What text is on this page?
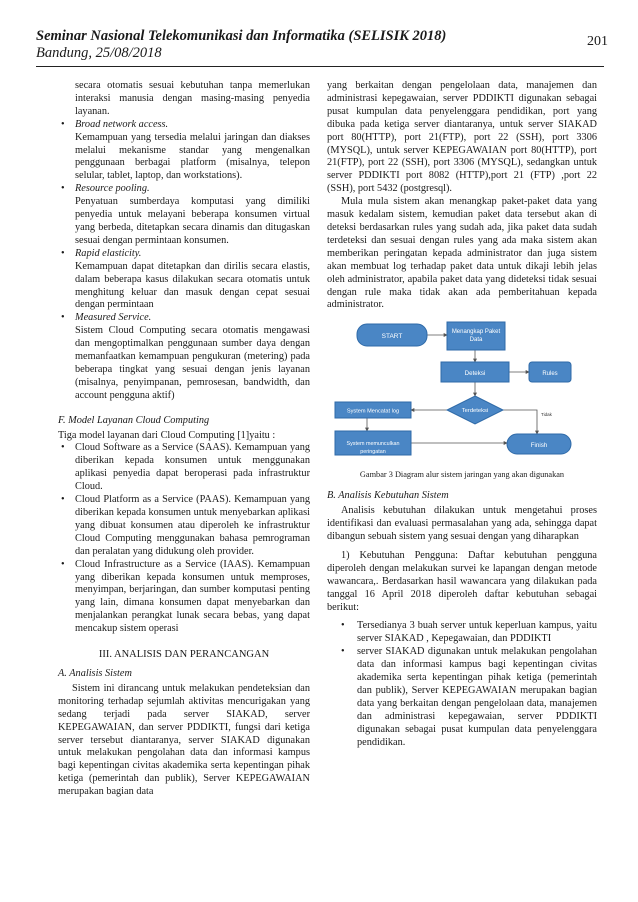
Seminar Nasional Telekomunikasi dan Informatika (SELISIK 2018)
Bandung, 25/08/2018
201

secara otomatis sesuai kebutuhan tanpa memerlukan interaksi manusia dengan masing-masing penyedia layanan.

• Broad network access.
Kemampuan yang tersedia melalui jaringan dan diakses melalui mekanisme standar yang mengenalkan penggunaan berbagai platform (misalnya, telepon selular, tablet, laptop, dan workstations).
• Resource pooling.
Penyatuan sumberdaya komputasi yang dimiliki penyedia untuk melayani beberapa konsumen virtual yang berbeda, ditetapkan secara dinamis dan ditugaskan sesuai dengan permintaan konsumen.
• Rapid elasticity.
Kemampuan dapat ditetapkan dan dirilis secara elastis, dalam beberapa kasus dilakukan secara otomatis untuk menghitung keluar dan masuk dengan cepat sesuai dengan permintaan
• Measured Service.
Sistem Cloud Computing secara otomatis mengawasi dan mengoptimalkan penggunaan sumber daya dengan memanfaatkan kemampuan pengukuran (metering) pada beberapa tingkat yang sesuai dengan jenis layanan (misalnya, penyimpanan, pemrosesan, bandwidth, dan account pengguna aktif)

F. Model Layanan Cloud Computing

Tiga model layanan dari Cloud Computing [1]yaitu :

• Cloud Software as a Service (SAAS). Kemampuan yang diberikan kepada konsumen untuk menggunakan aplikasi penyedia dapat beroperasi pada infrastruktur Cloud.
• Cloud Platform as a Service (PAAS). Kemampuan yang diberikan kepada konsumen untuk menyebarkan aplikasi yang dibuat konsumen atau diperoleh ke infrastruktur Cloud Computing menggunakan bahasa pemrograman dan peralatan yang didukung oleh provider.
• Cloud Infrastructure as a Service (IAAS). Kemampuan yang diberikan kepada konsumen untuk memproses, menyimpan, berjaringan, dan sumber komputasi penting yang lain, dimana konsumen dapat menyebarkan dan menjalankan perangkat lunak secara bebas, yang dapat mencakup sistem operasi

III. ANALISIS DAN PERANCANGAN

A. Analisis Sistem

Sistem ini dirancang untuk melakukan pendeteksian dan monitoring terhadap sejumlah aktivitas mencurigakan yang sedang terjadi pada server SIAKAD, server KEPEGAWAIAN, dan server PDDIKTI, fungsi dari ketiga server tersebut diantaranya, server SIAKAD digunakan untuk melakukan pengolahan data dan informasi kampus bagi kepentingan civitas akademika serta kepentingan pihak ketiga (pemerintah dan publik), Server KEPEGAWAIAN merupakan bagian data

yang berkaitan dengan pengelolaan data, manajemen dan administrasi kepegawaian, server PDDIKTI digunakan sebagai pusat kumpulan data penyelenggara pendidikan, port yang dibuka pada ketiga server diantaranya, untuk server SIAKAD port 80(HTTP), port 21(FTP), port 22 (SSH), port 3306 (MYSQL), untuk server KEPEGAWAIAN port 80(HTTP), port 21(FTP), port 22 (SSH), port 3306 (MYSQL), sedangkan untuk server PDDIKTI port 8082 (HTTP),port 21 (FTP) ,port 22 (SSH), port 5432 (postgresql).

Mula mula sistem akan menangkap paket-paket data yang masuk kedalam sistem, kemudian paket data tersebut akan di deteksi berdasarkan rules yang sudah ada, jika paket data sudah terdeteksi dan sesuai dengan rules yang ada maka sistem akan memberikan peringatan kepada administrator dan juga sistem akan membuat log terhadap paket data untuk dikaji lebih jelas oleh administrator, apabila paket data yang dideteksi tidak sesuai dengan rule maka tidak akan ada pemberitahuan kepada administrator.

START
Menangkap Paket Data
Deteksi	Rules
Terdeteksi
Tidak
System Mencatat log
System memunculkan peringatan
Finish

Gambar 3 Diagram alur sistem jaringan yang akan digunakan

B. Analisis Kebutuhan Sistem

Analisis kebutuhan dilakukan untuk mengetahui proses identifikasi dan evaluasi permasalahan yang ada, sehingga dapat dibangun sebuah sistem yang sesuai dengan yang diharapkan

1) Kebutuhan Pengguna: Daftar kebutuhan pengguna diperoleh dengan melakukan survei ke lapangan dengan metode wawancara,. Berdasarkan hasil wawancara yang dilakukan pada tanggal 16 April 2018 diperoleh daftar kebutuhan sebagai berikut:

• Tersedianya 3 buah server untuk keperluan kampus, yaitu server SIAKAD , Kepegawaian, dan PDDIKTI
• server SIAKAD digunakan untuk melakukan pengolahan data dan informasi kampus bagi kepentingan civitas akademika serta kepentingan pihak ketiga (pemerintah dan publik), Server KEPEGAWAIAN merupakan bagian data yang berkaitan dengan pengelolaan data, manajemen dan administrasi kepegawaian, server PDDIKTI digunakan sebagai pusat kumpulan data penyelenggara pendidikan.
